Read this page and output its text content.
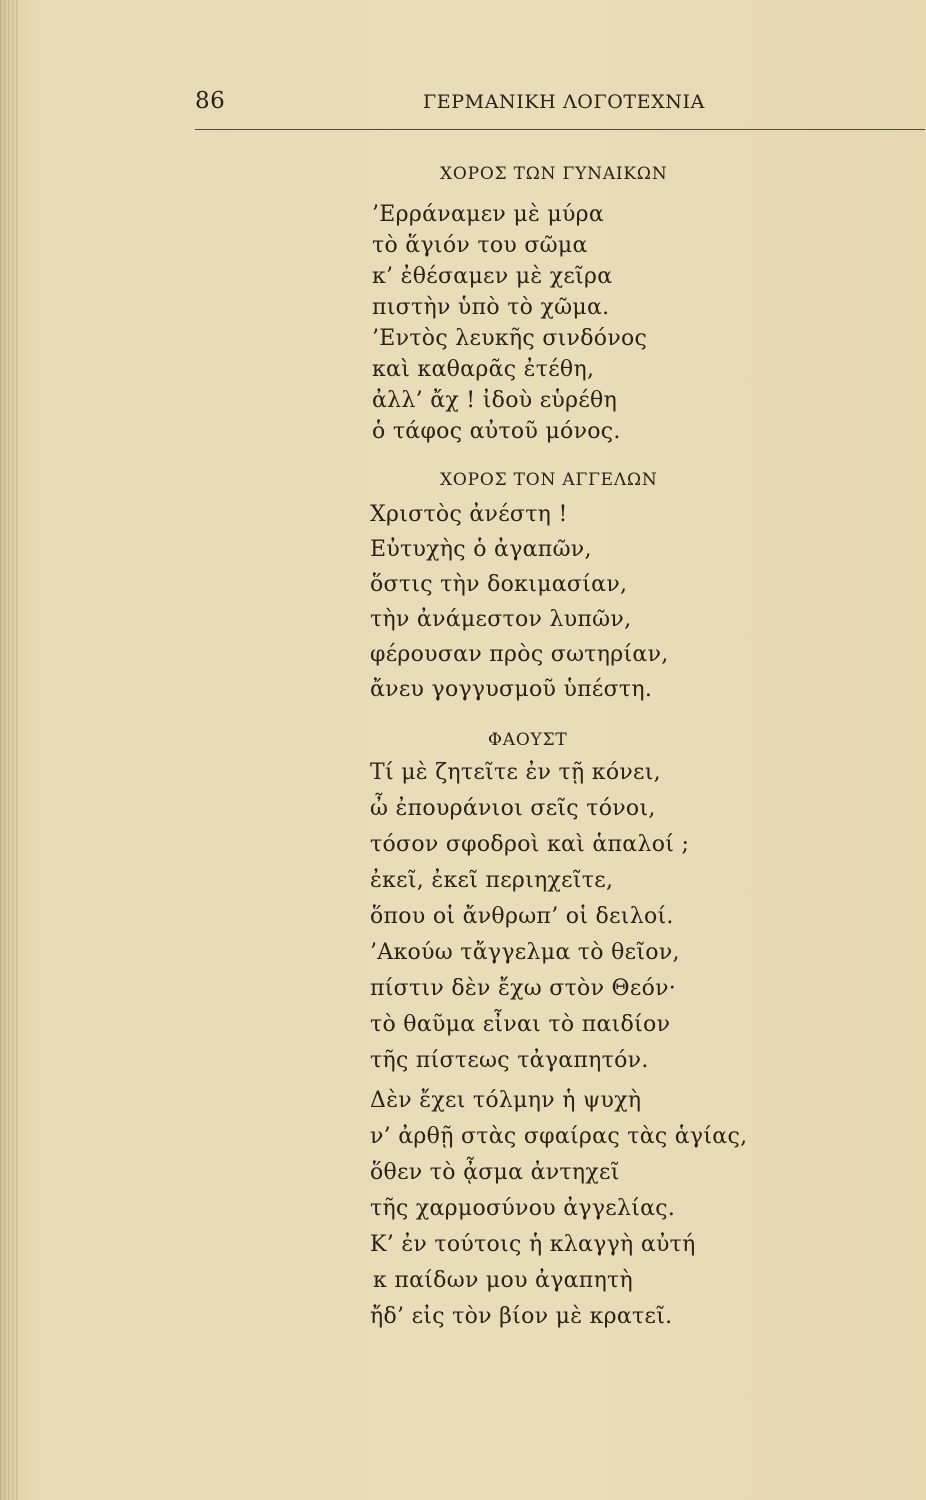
86	ΓΕΡΜΑΝΙΚΗ ΛΟΓΟΤΕΧΝΙΑ
ΧΟΡΟΣ ΤΩΝ ΓΥΝΑΙΚΩΝ
’Ερράναμεν μὲ μύρα
τὸ ἅγιόν του σῶμα
κ’ ἐθέσαμεν μὲ χεῖρα
πιστὴν ὑπὸ τὸ χῶμα.
’Εντὸς λευκῆς σινδόνος
καὶ καθαρᾶς ἐτέθη,
ἀλλ’ ἄχ ! ἰδοὺ εὑρέθη
ὁ τάφος αὐτοῦ μόνος.
ΧΟΡΟΣ ΤΟΝ ΑΓΓΕΛΩΝ
Χριστὸς ἀνέστη !
Εὐτυχὴς ὁ ἀγαπῶν,
ὅστις τὴν δοκιμασίαν,
τὴν ἀνάμεστον λυπῶν,
φέρουσαν πρὸς σωτηρίαν,
ἄνευ γογγυσμοῦ ὑπέστη.
ΦΑΟΥΣΤ
Τί μὲ ζητεῖτε ἐν τῇ κόνει,
ὦ ἐπουράνιοι σεῖς τόνοι,
τόσον σφοδροὶ καὶ ἁπαλοί ;
ἐκεῖ, ἐκεῖ περιηχεῖτε,
ὅπου οἱ ἄνθρωπ’ οἱ δειλοί.
’Ακούω τἄγγελμα τὸ θεῖον,
πίστιν δὲν ἔχω στὸν Θεόν·
τὸ θαῦμα εἶναι τὸ παιδίον
τῆς πίστεως τἀγαπητόν.
Δὲν ἔχει τόλμην ἡ ψυχὴ
ν’ ἀρθῇ στὰς σφαίρας τὰς ἁγίας,
ὅθεν τὸ ᾆσμα ἀντηχεῖ
τῆς χαρμοσύνου ἀγγελίας.
Κ’ ἐν τούτοις ἡ κλαγγὴ αὐτή
κ παίδων μου ἀγαπητὴ
ἤδ’ εἰς τὸν βίον μὲ κρατεῖ.
